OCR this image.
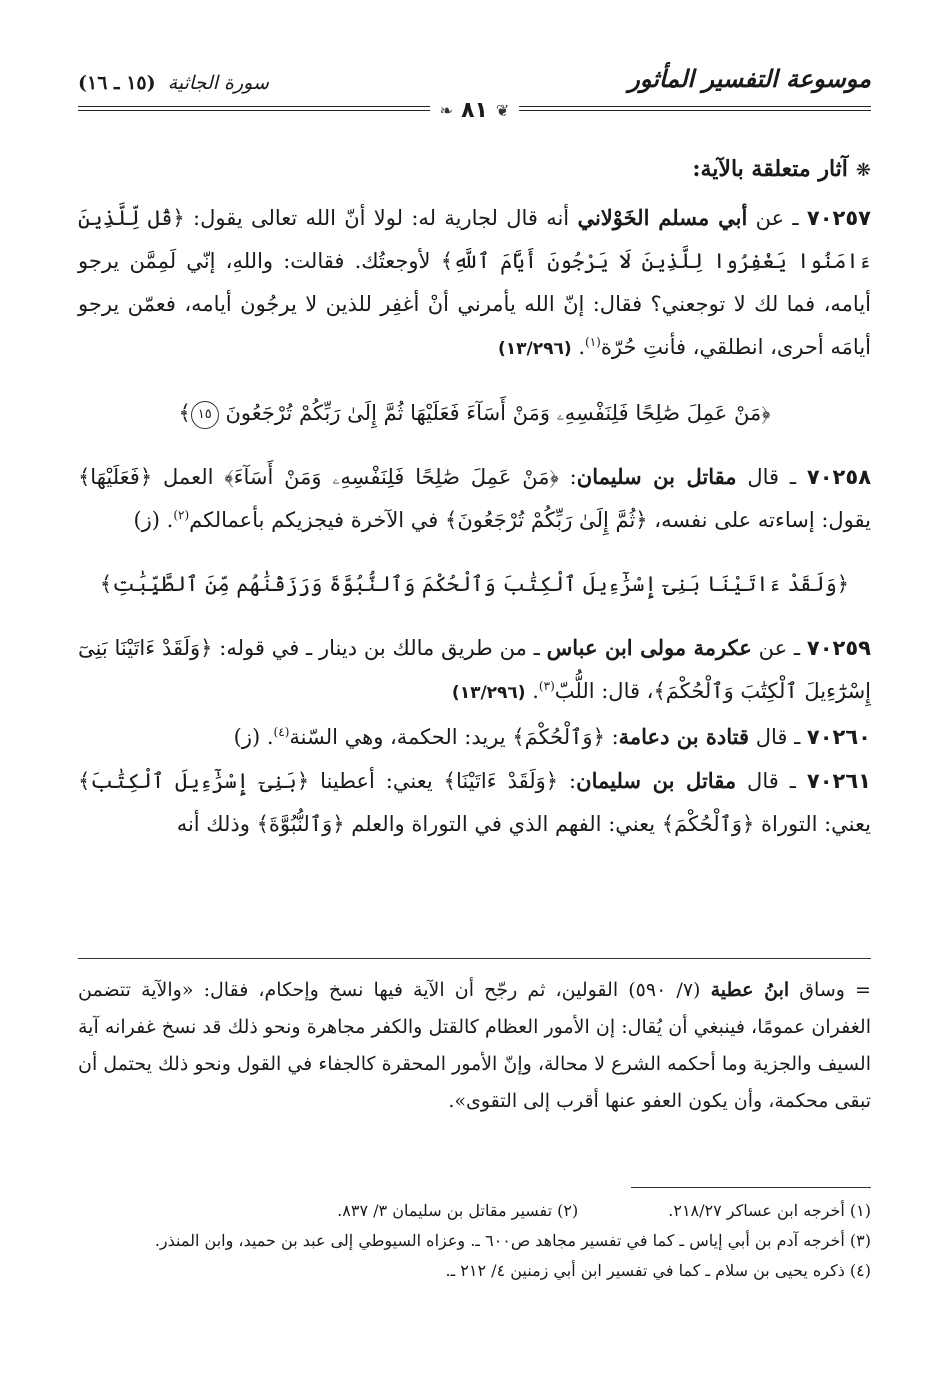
موسوعة التفسير المأثور
سورة الجاثية (١٥ ـ ١٦)
❧ ٨١ ❦
❋آثار متعلقة بالآية:

٧٠٢٥٧ ـ عن أبي مسلم الخَوْلاني أنه قال لجارية له: لولا أنّ الله تعالى يقول: ﴿قُل لِّلَّذِينَ ءَامَنُوا يَغْفِرُوا لِلَّذِينَ لَا يَرْجُونَ أَيَّامَ ٱللَّهِ﴾ لأوجعتُك. فقالت: واللهِ، إنّي لَمِمَّن يرجو أيامه، فما لك لا توجعني؟ فقال: إنّ الله يأمرني أنْ أغفِر للذين لا يرجُون أيامه، فعمّن يرجو أيامَه أحرى، انطلقي، فأنتِ حُرّة$^{(١)}$. (١٣/٢٩٦)

﴿مَنْ عَمِلَ صَٰلِحًا فَلِنَفْسِهِۦ وَمَنْ أَسَآءَ فَعَلَيْهَا ثُمَّ إِلَىٰ رَبِّكُمْ تُرْجَعُونَ ١٥﴾

٧٠٢٥٨ ـ قال مقاتل بن سليمان: ﴿مَنْ عَمِلَ صَٰلِحًا فَلِنَفْسِهِۦ وَمَنْ أَسَآءَ﴾ العمل ﴿فَعَلَيْهَا﴾ يقول: إساءته على نفسه، ﴿ثُمَّ إِلَىٰ رَبِّكُمْ تُرْجَعُونَ﴾ في الآخرة فيجزيكم بأعمالكم$^{(٢)}$. (ز)

﴿وَلَقَدْ ءَاتَيْنَا بَنِىٓ إِسْرَٰٓءِيلَ ٱلْكِتَٰبَ وَٱلْحُكْمَ وَٱلنُّبُوَّةَ وَرَزَقْنَٰهُم مِّنَ ٱلطَّيِّبَٰتِ﴾

٧٠٢٥٩ ـ عن عكرمة مولى ابن عباس ـ من طريق مالك بن دينار ـ في قوله: ﴿وَلَقَدْ ءَاتَيْنَا بَنِىٓ إِسْرَٰٓءِيلَ ٱلْكِتَٰبَ وَٱلْحُكْمَ﴾، قال: اللُّبّ$^{(٣)}$. (١٣/٢٩٦)

٧٠٢٦٠ ـ قال قتادة بن دعامة: ﴿وَٱلْحُكْمَ﴾ يريد: الحكمة، وهي السّنة$^{(٤)}$. (ز)

٧٠٢٦١ ـ قال مقاتل بن سليمان: ﴿وَلَقَدْ ءَاتَيْنَا﴾ يعني: أعطينا ﴿بَنِىٓ إِسْرَٰٓءِيلَ ٱلْكِتَٰبَ﴾ يعني: التوراة ﴿وَٱلْحُكْمَ﴾ يعني: الفهم الذي في التوراة والعلم ﴿وَٱلنُّبُوَّةَ﴾ وذلك أنه

= وساق ابنُ عطية (٧/ ٥٩٠) القولين، ثم رجّح أن الآية فيها نسخ وإحكام، فقال: «والآية تتضمن الغفران عمومًا، فينبغي أن يُقال: إن الأمور العظام كالقتل والكفر مجاهرة ونحو ذلك قد نسخ غفرانه آية السيف والجزية وما أحكمه الشرع لا محالة، وإنّ الأمور المحقرة كالجفاء في القول ونحو ذلك يحتمل أن تبقى محكمة، وأن يكون العفو عنها أقرب إلى التقوى».

(١) أخرجه ابن عساكر ٢١٨/٢٧.

(٢) تفسير مقاتل بن سليمان ٣/ ٨٣٧.

(٣) أخرجه آدم بن أبي إياس ـ كما في تفسير مجاهد ص٦٠٠ ـ. وعزاه السيوطي إلى عبد بن حميد، وابن المنذر.

(٤) ذكره يحيى بن سلام ـ كما في تفسير ابن أبي زمنين ٤/ ٢١٢ ـ.
